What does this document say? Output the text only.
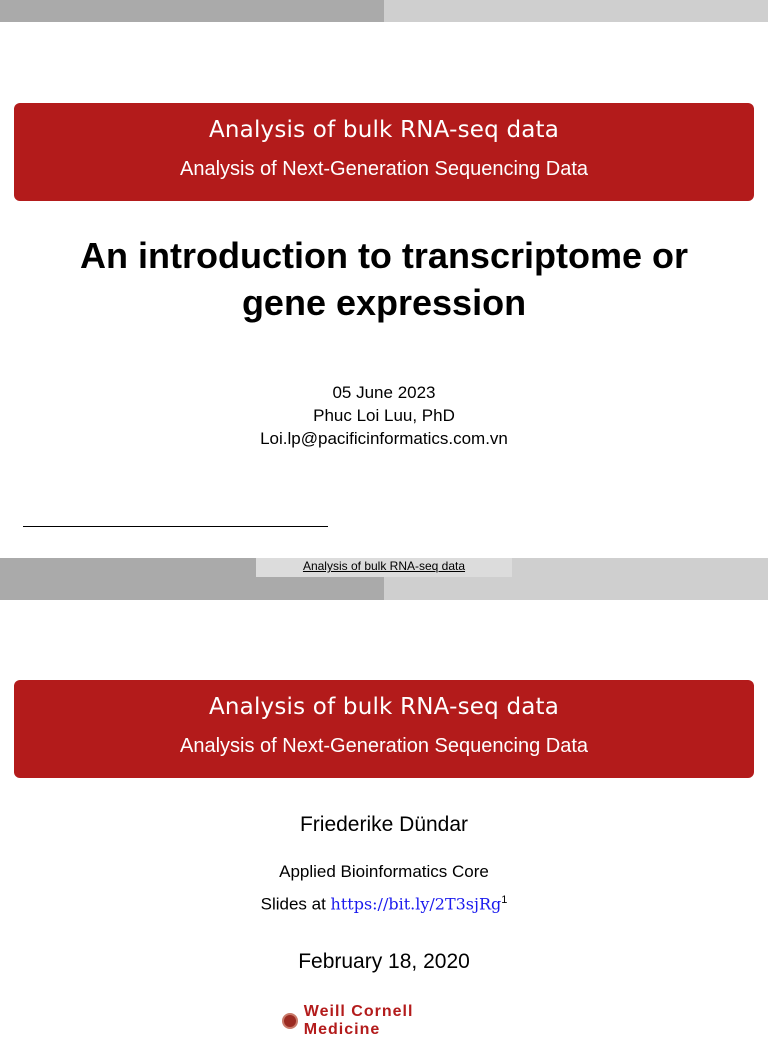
Analysis of bulk RNA-seq data
Analysis of Next-Generation Sequencing Data
An introduction to transcriptome or
gene expression
05 June 2023
Phuc Loi Luu, PhD
Loi.lp@pacificinformatics.com.vn
Analysis of bulk RNA-seq data
Analysis of bulk RNA-seq data
Analysis of Next-Generation Sequencing Data
Friederike Dündar
Applied Bioinformatics Core
Slides at https://bit.ly/2T3sjRg$^1$
February 18, 2020
Weill Cornell Medicine
